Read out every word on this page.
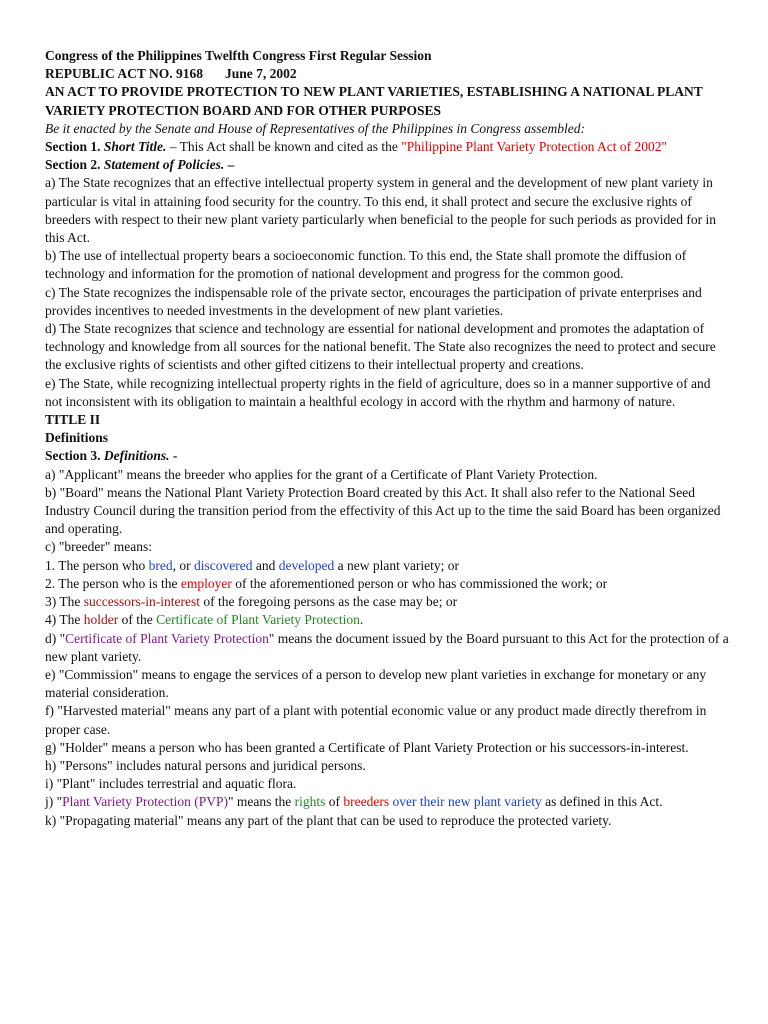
Congress of the Philippines Twelfth Congress First Regular Session

REPUBLIC ACT NO. 9168 June 7, 2002

AN ACT TO PROVIDE PROTECTION TO NEW PLANT VARIETIES, ESTABLISHING A NATIONAL PLANT VARIETY PROTECTION BOARD AND FOR OTHER PURPOSES

Be it enacted by the Senate and House of Representatives of the Philippines in Congress assembled:

Section 1. Short Title. – This Act shall be known and cited as the "Philippine Plant Variety Protection Act of 2002"

Section 2. Statement of Policies. –

a) The State recognizes that an effective intellectual property system in general and the development of new plant variety in particular is vital in attaining food security for the country. To this end, it shall protect and secure the exclusive rights of breeders with respect to their new plant variety particularly when beneficial to the people for such periods as provided for in this Act.

b) The use of intellectual property bears a socioeconomic function. To this end, the State shall promote the diffusion of technology and information for the promotion of national development and progress for the common good.

c) The State recognizes the indispensable role of the private sector, encourages the participation of private enterprises and provides incentives to needed investments in the development of new plant varieties.

d) The State recognizes that science and technology are essential for national development and promotes the adaptation of technology and knowledge from all sources for the national benefit. The State also recognizes the need to protect and secure the exclusive rights of scientists and other gifted citizens to their intellectual property and creations.

e) The State, while recognizing intellectual property rights in the field of agriculture, does so in a manner supportive of and not inconsistent with its obligation to maintain a healthful ecology in accord with the rhythm and harmony of nature.

TITLE II

Definitions

Section 3. Definitions. -

a) "Applicant" means the breeder who applies for the grant of a Certificate of Plant Variety Protection.

b) "Board" means the National Plant Variety Protection Board created by this Act. It shall also refer to the National Seed Industry Council during the transition period from the effectivity of this Act up to the time the said Board has been organized and operating.

c) "breeder" means:

1. The person who bred, or discovered and developed a new plant variety; or

2. The person who is the employer of the aforementioned person or who has commissioned the work; or

3) The successors-in-interest of the foregoing persons as the case may be; or

4) The holder of the Certificate of Plant Variety Protection.

d) "Certificate of Plant Variety Protection" means the document issued by the Board pursuant to this Act for the protection of a new plant variety.

e) "Commission" means to engage the services of a person to develop new plant varieties in exchange for monetary or any material consideration.

f) "Harvested material" means any part of a plant with potential economic value or any product made directly therefrom in proper case.

g) "Holder" means a person who has been granted a Certificate of Plant Variety Protection or his successors-in-interest.

h) "Persons" includes natural persons and juridical persons.

i) "Plant" includes terrestrial and aquatic flora.

j) "Plant Variety Protection (PVP)" means the rights of breeders over their new plant variety as defined in this Act.

k) "Propagating material" means any part of the plant that can be used to reproduce the protected variety.
